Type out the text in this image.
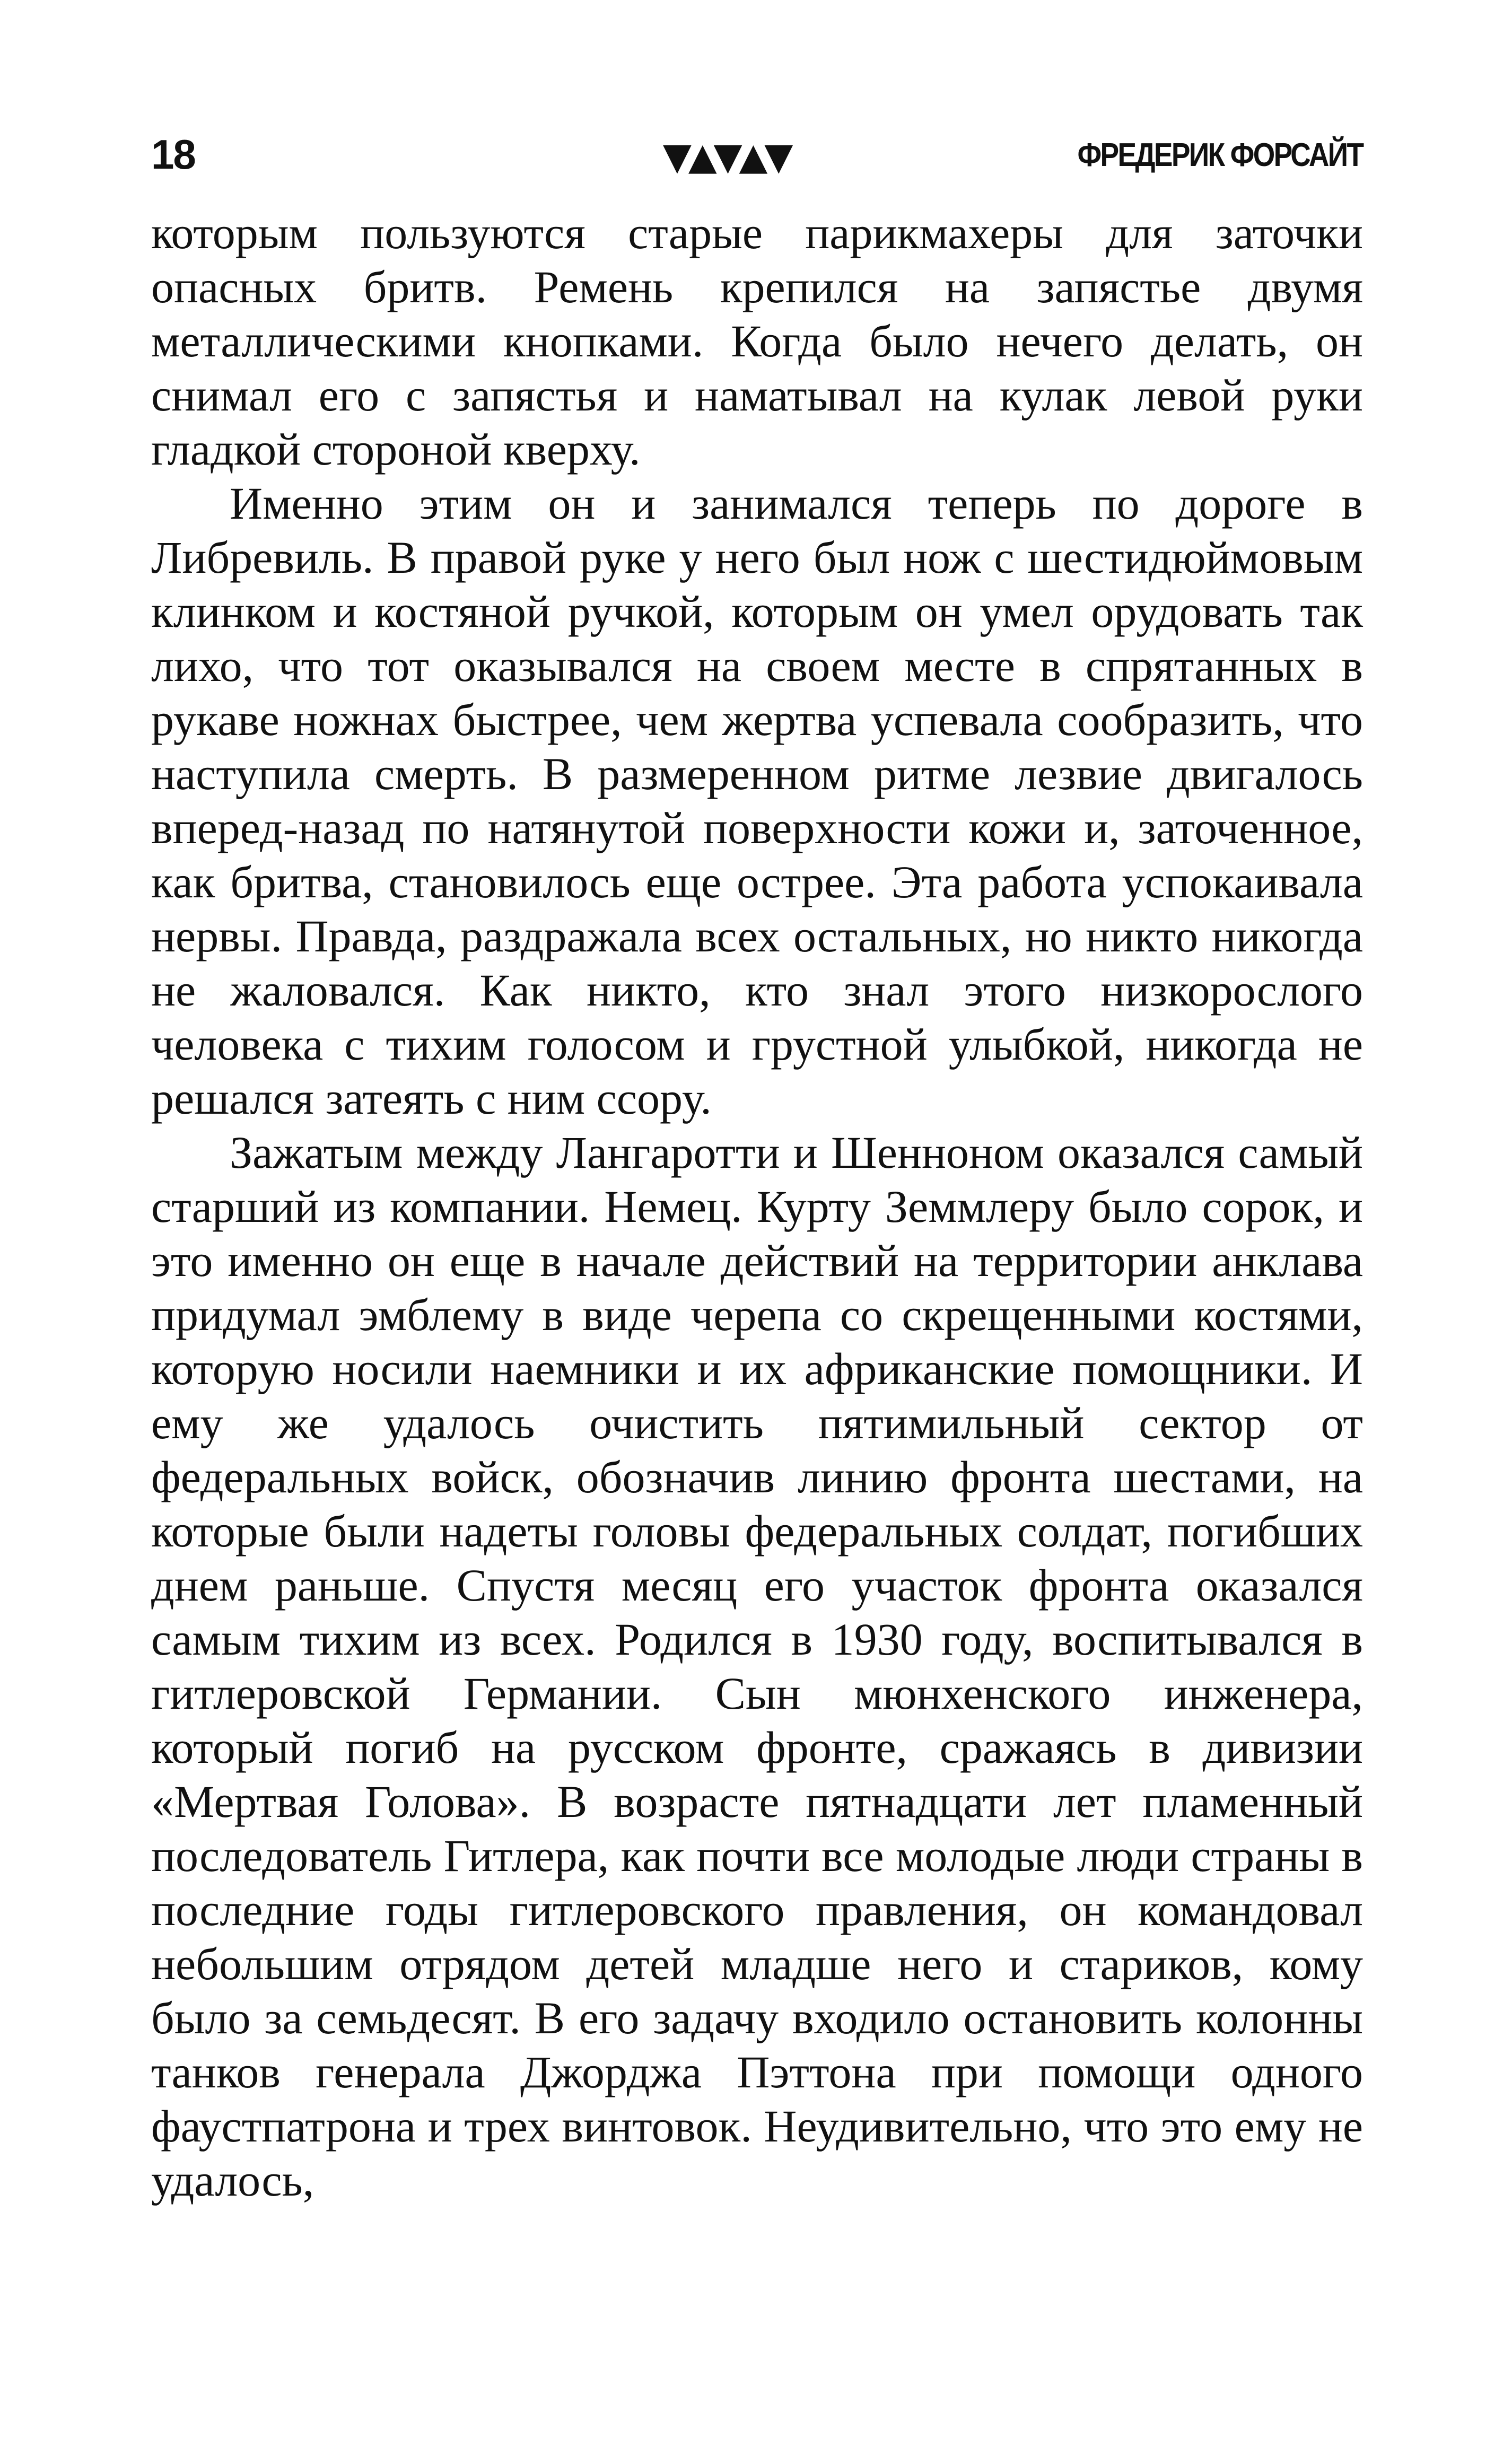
18	▼▲▼▲▼	ФРЕДЕРИК ФОРСАЙТ

которым пользуются старые парикмахеры для заточки опасных бритв. Ремень крепился на запястье двумя металлическими кнопками. Когда было нечего делать, он снимал его с запястья и наматывал на кулак левой руки гладкой стороной кверху.

Именно этим он и занимался теперь по дороге в Либревиль. В правой руке у него был нож с шестидюймовым клинком и костяной ручкой, которым он умел орудовать так лихо, что тот оказывался на своем месте в спрятанных в рукаве ножнах быстрее, чем жертва успевала сообразить, что наступила смерть. В размеренном ритме лезвие двигалось вперед-назад по натянутой поверхности кожи и, заточенное, как бритва, становилось еще острее. Эта работа успокаивала нервы. Правда, раздражала всех остальных, но никто никогда не жаловался. Как никто, кто знал этого низкорослого человека с тихим голосом и грустной улыбкой, никогда не решался затеять с ним ссору.

Зажатым между Лангаротти и Шенноном оказался самый старший из компании. Немец. Курту Земмлеру было сорок, и это именно он еще в начале действий на территории анклава придумал эмблему в виде черепа со скрещенными костями, которую носили наемники и их африканские помощники. И ему же удалось очистить пятимильный сектор от федеральных войск, обозначив линию фронта шестами, на которые были надеты головы федеральных солдат, погибших днем раньше. Спустя месяц его участок фронта оказался самым тихим из всех. Родился в 1930 году, воспитывался в гитлеровской Германии. Сын мюнхенского инженера, который погиб на русском фронте, сражаясь в дивизии «Мертвая Голова». В возрасте пятнадцати лет пламенный последователь Гитлера, как почти все молодые люди страны в последние годы гитлеровского правления, он командовал небольшим отрядом детей младше него и стариков, кому было за семьдесят. В его задачу входило остановить колонны танков генерала Джорджа Пэттона при помощи одного фаустпатрона и трех винтовок. Неудивительно, что это ему не удалось,
